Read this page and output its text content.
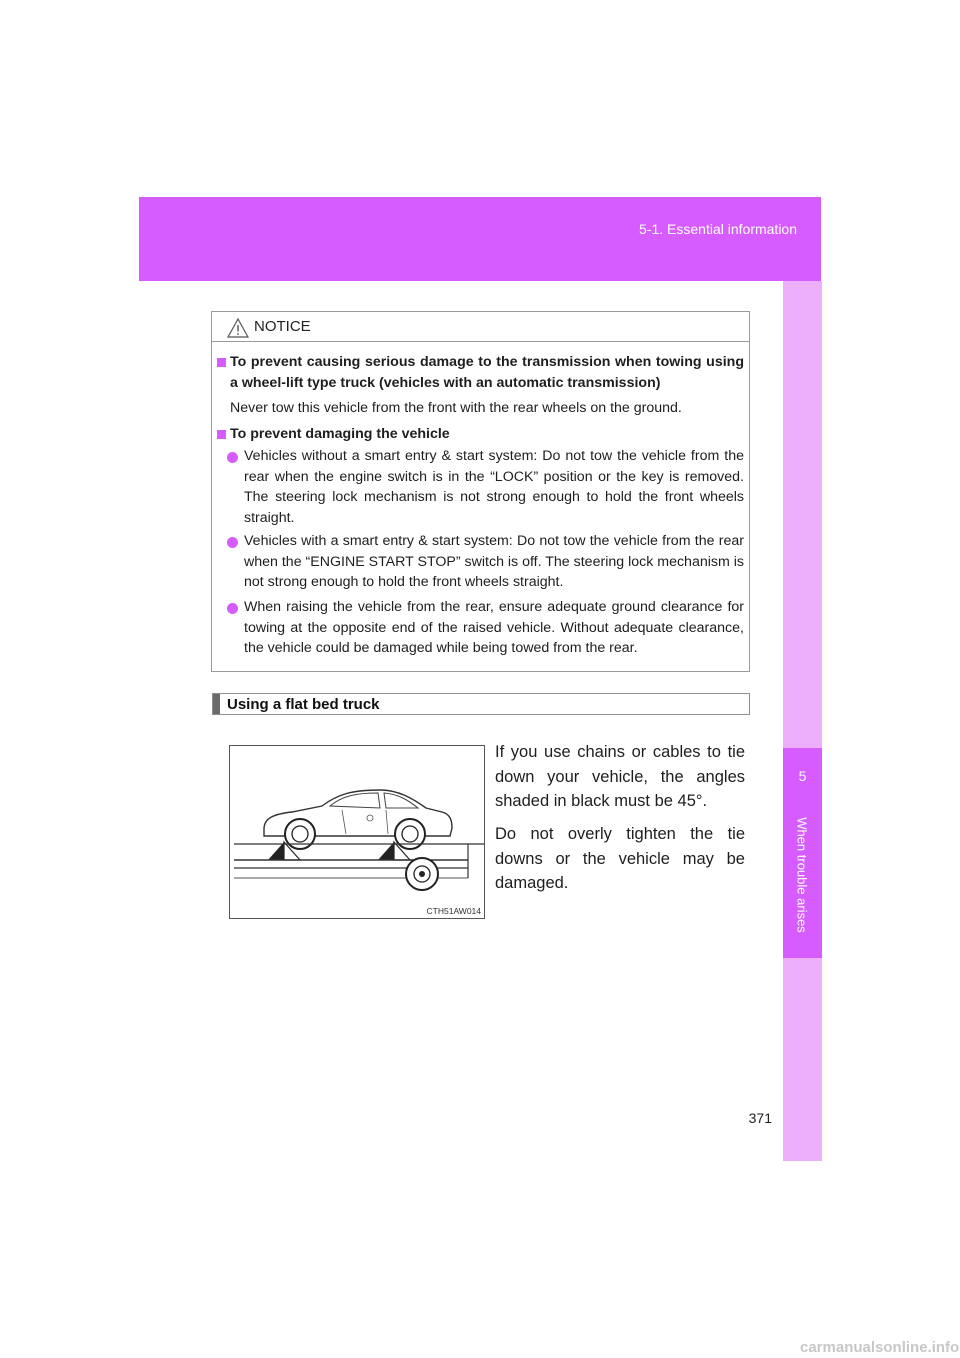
5-1. Essential information
5
When trouble arises
NOTICE
To prevent causing serious damage to the transmission when towing using a wheel-lift type truck (vehicles with an automatic transmission)
Never tow this vehicle from the front with the rear wheels on the ground.
To prevent damaging the vehicle
Vehicles without a smart entry & start system: Do not tow the vehicle from the rear when the engine switch is in the “LOCK” position or the key is removed. The steering lock mechanism is not strong enough to hold the front wheels straight.
Vehicles with a smart entry & start system: Do not tow the vehicle from the rear when the “ENGINE START STOP” switch is off. The steering lock mechanism is not strong enough to hold the front wheels straight.
When raising the vehicle from the rear, ensure adequate ground clearance for towing at the opposite end of the raised vehicle. Without adequate clearance, the vehicle could be damaged while being towed from the rear.
Using a flat bed truck
CTH51AW014
If you use chains or cables to tie down your vehicle, the angles shaded in black must be 45°.
Do not overly tighten the tie downs or the vehicle may be damaged.
371
carmanualsonline.info
